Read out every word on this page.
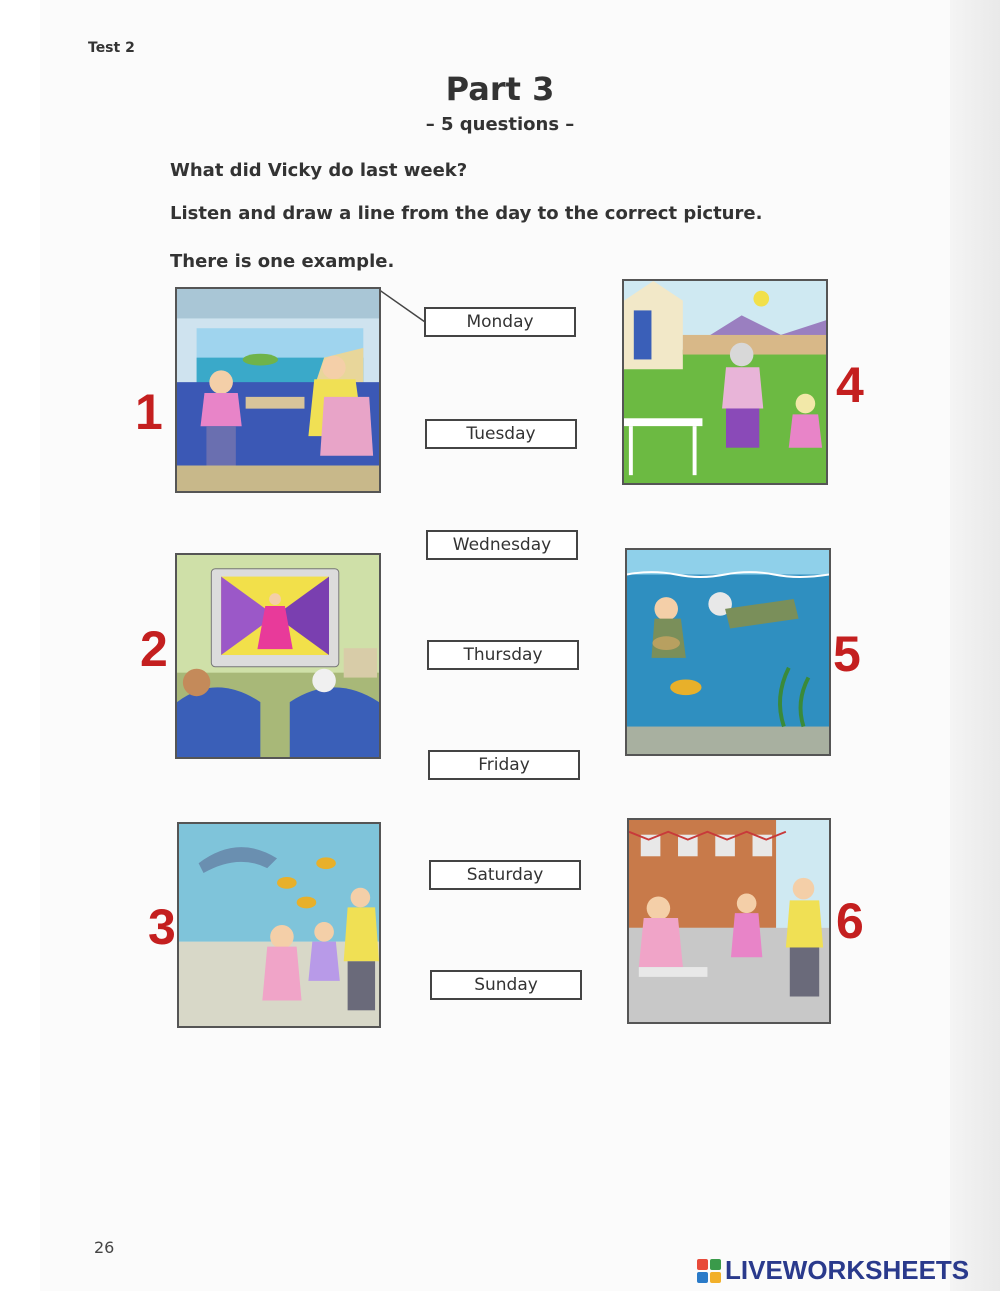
Test 2
Part 3
– 5 questions –
What did Vicky do last week?
Listen and draw a line from the day to the correct picture.
There is one example.
Monday
Tuesday
Wednesday
Thursday
Friday
Saturday
Sunday
1
2
3
4
5
6
26
LIVEWORKSHEETS
